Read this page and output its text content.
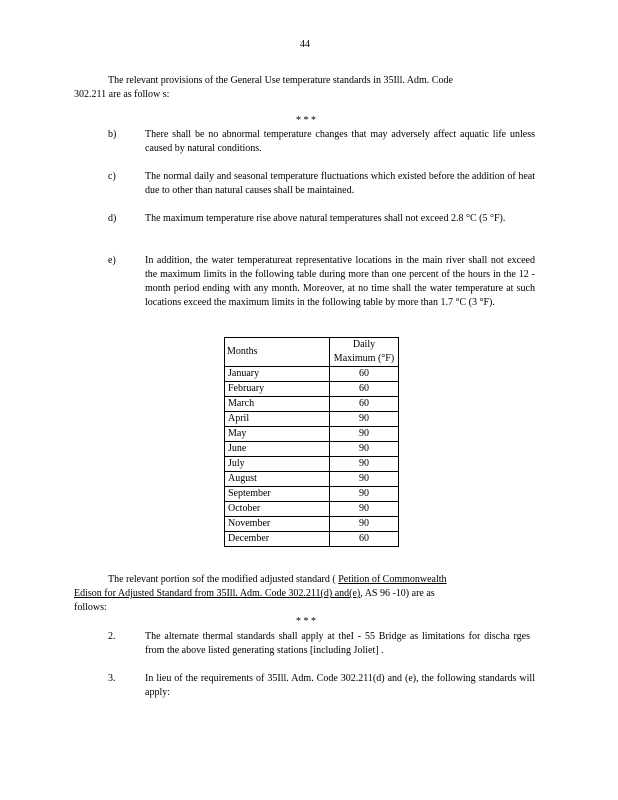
44
The relevant provisions of the General Use temperature standards in 35Ill. Adm. Code
302.211 are as follow s:
* * *
b)	There shall be no abnormal temperature changes that may adversely affect aquatic life unless caused by natural conditions.
c)	The normal daily and seasonal temperature fluctuations which existed before the addition of heat due to other than natural causes shall be maintained.
d)	The maximum temperature rise above natural temperatures shall not exceed 2.8 °C (5 °F).
e)	In addition, the water temperatureat representative locations in the main river shall not exceed the maximum limits in the following table during more than one percent of the hours in the 12 -month period ending with any month. Moreover, at no time shall the water temperature at such locations exceed the maximum limits in the following table by more than 1.7 °C (3 °F).
Months	Daily Maximum (°F)
January	60
February	60
March	60
April	90
May	90
June	90
July	90
August	90
September	90
October	90
November	90
December	60
The relevant portion sof the modified adjusted standard ( Petition of Commonwealth
Edison for Adjusted Standard from 35Ill. Adm. Code 302.211(d) and(e), AS 96 -10) are as
follows:
* * *
2.	The alternate thermal standards shall apply at theI - 55 Bridge as limitations for discha rges from the above listed generating stations [including Joliet] .
3.	In lieu of the requirements of 35Ill. Adm. Code 302.211(d) and (e), the following standards will apply:
